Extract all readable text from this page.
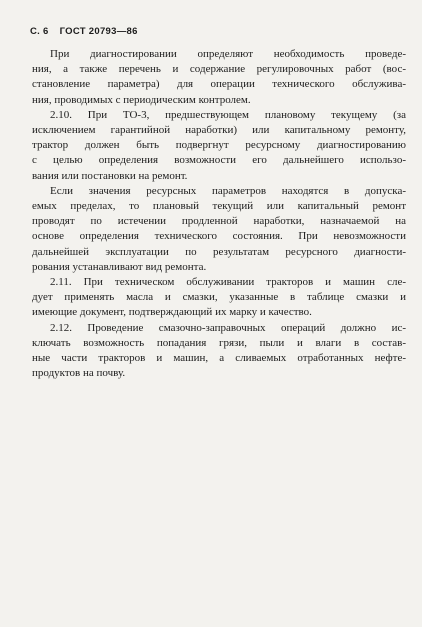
С. 6 ГОСТ 20793—86

При диагностировании определяют необходимость проведе-
ния, а также перечень и содержание регулировочных работ (вос-
становление параметра) для операции технического обслужива-
ния, проводимых с периодическим контролем.

2.10. При ТО-3, предшествующем плановому текущему (за
исключением гарантийной наработки) или капитальному ремонту,
трактор должен быть подвергнут ресурсному диагностированию
с целью определения возможности его дальнейшего использо-
вания или постановки на ремонт.

Если значения ресурсных параметров находятся в допуска-
емых пределах, то плановый текущий или капитальный ремонт
проводят по истечении продленной наработки, назначаемой на
основе определения технического состояния. При невозможности
дальнейшей эксплуатации по результатам ресурсного диагности-
рования устанавливают вид ремонта.

2.11. При техническом обслуживании тракторов и машин сле-
дует применять масла и смазки, указанные в таблице смазки и
имеющие документ, подтверждающий их марку и качество.

2.12. Проведение смазочно-заправочных операций должно ис-
ключать возможность попадания грязи, пыли и влаги в состав-
ные части тракторов и машин, а сливаемых отработанных нефте-
продуктов на почву.
